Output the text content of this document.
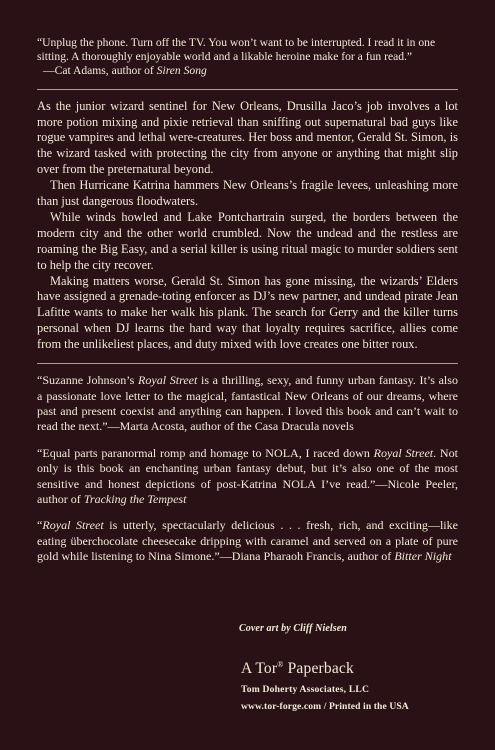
“Unplug the phone. Turn off the TV. You won’t want to be interrupted. I read it in one sitting. A thoroughly enjoyable world and a likable heroine make for a fun read.”
—Cat Adams, author of Siren Song

As the junior wizard sentinel for New Orleans, Drusilla Jaco’s job involves a lot more potion mixing and pixie retrieval than sniffing out supernatural bad guys like rogue vampires and lethal were-creatures. Her boss and mentor, Gerald St. Simon, is the wizard tasked with protecting the city from anyone or anything that might slip over from the preternatural beyond.

Then Hurricane Katrina hammers New Orleans’s fragile levees, unleashing more than just dangerous floodwaters.

While winds howled and Lake Pontchartrain surged, the borders between the modern city and the other world crumbled. Now the undead and the restless are roaming the Big Easy, and a serial killer is using ritual magic to murder soldiers sent to help the city recover.

Making matters worse, Gerald St. Simon has gone missing, the wizards’ Elders have assigned a grenade-toting enforcer as DJ’s new partner, and undead pirate Jean Lafitte wants to make her walk his plank. The search for Gerry and the killer turns personal when DJ learns the hard way that loyalty requires sacrifice, allies come from the unlikeliest places, and duty mixed with love creates one bitter roux.

“Suzanne Johnson’s Royal Street is a thrilling, sexy, and funny urban fantasy. It’s also a passionate love letter to the magical, fantastical New Orleans of our dreams, where past and present coexist and anything can happen. I loved this book and can’t wait to read the next.”—Marta Acosta, author of the Casa Dracula novels

“Equal parts paranormal romp and homage to NOLA, I raced down Royal Street. Not only is this book an enchanting urban fantasy debut, but it’s also one of the most sensitive and honest depictions of post-Katrina NOLA I’ve read.”—Nicole Peeler, author of Tracking the Tempest

“Royal Street is utterly, spectacularly delicious . . . fresh, rich, and exciting—like eating überchocolate cheesecake dripping with caramel and served on a plate of pure gold while listening to Nina Simone.”—Diana Pharaoh Francis, author of Bitter Night

Cover art by Cliff Nielsen
A Tor® Paperback
Tom Doherty Associates, LLC
www.tor-forge.com / Printed in the USA
